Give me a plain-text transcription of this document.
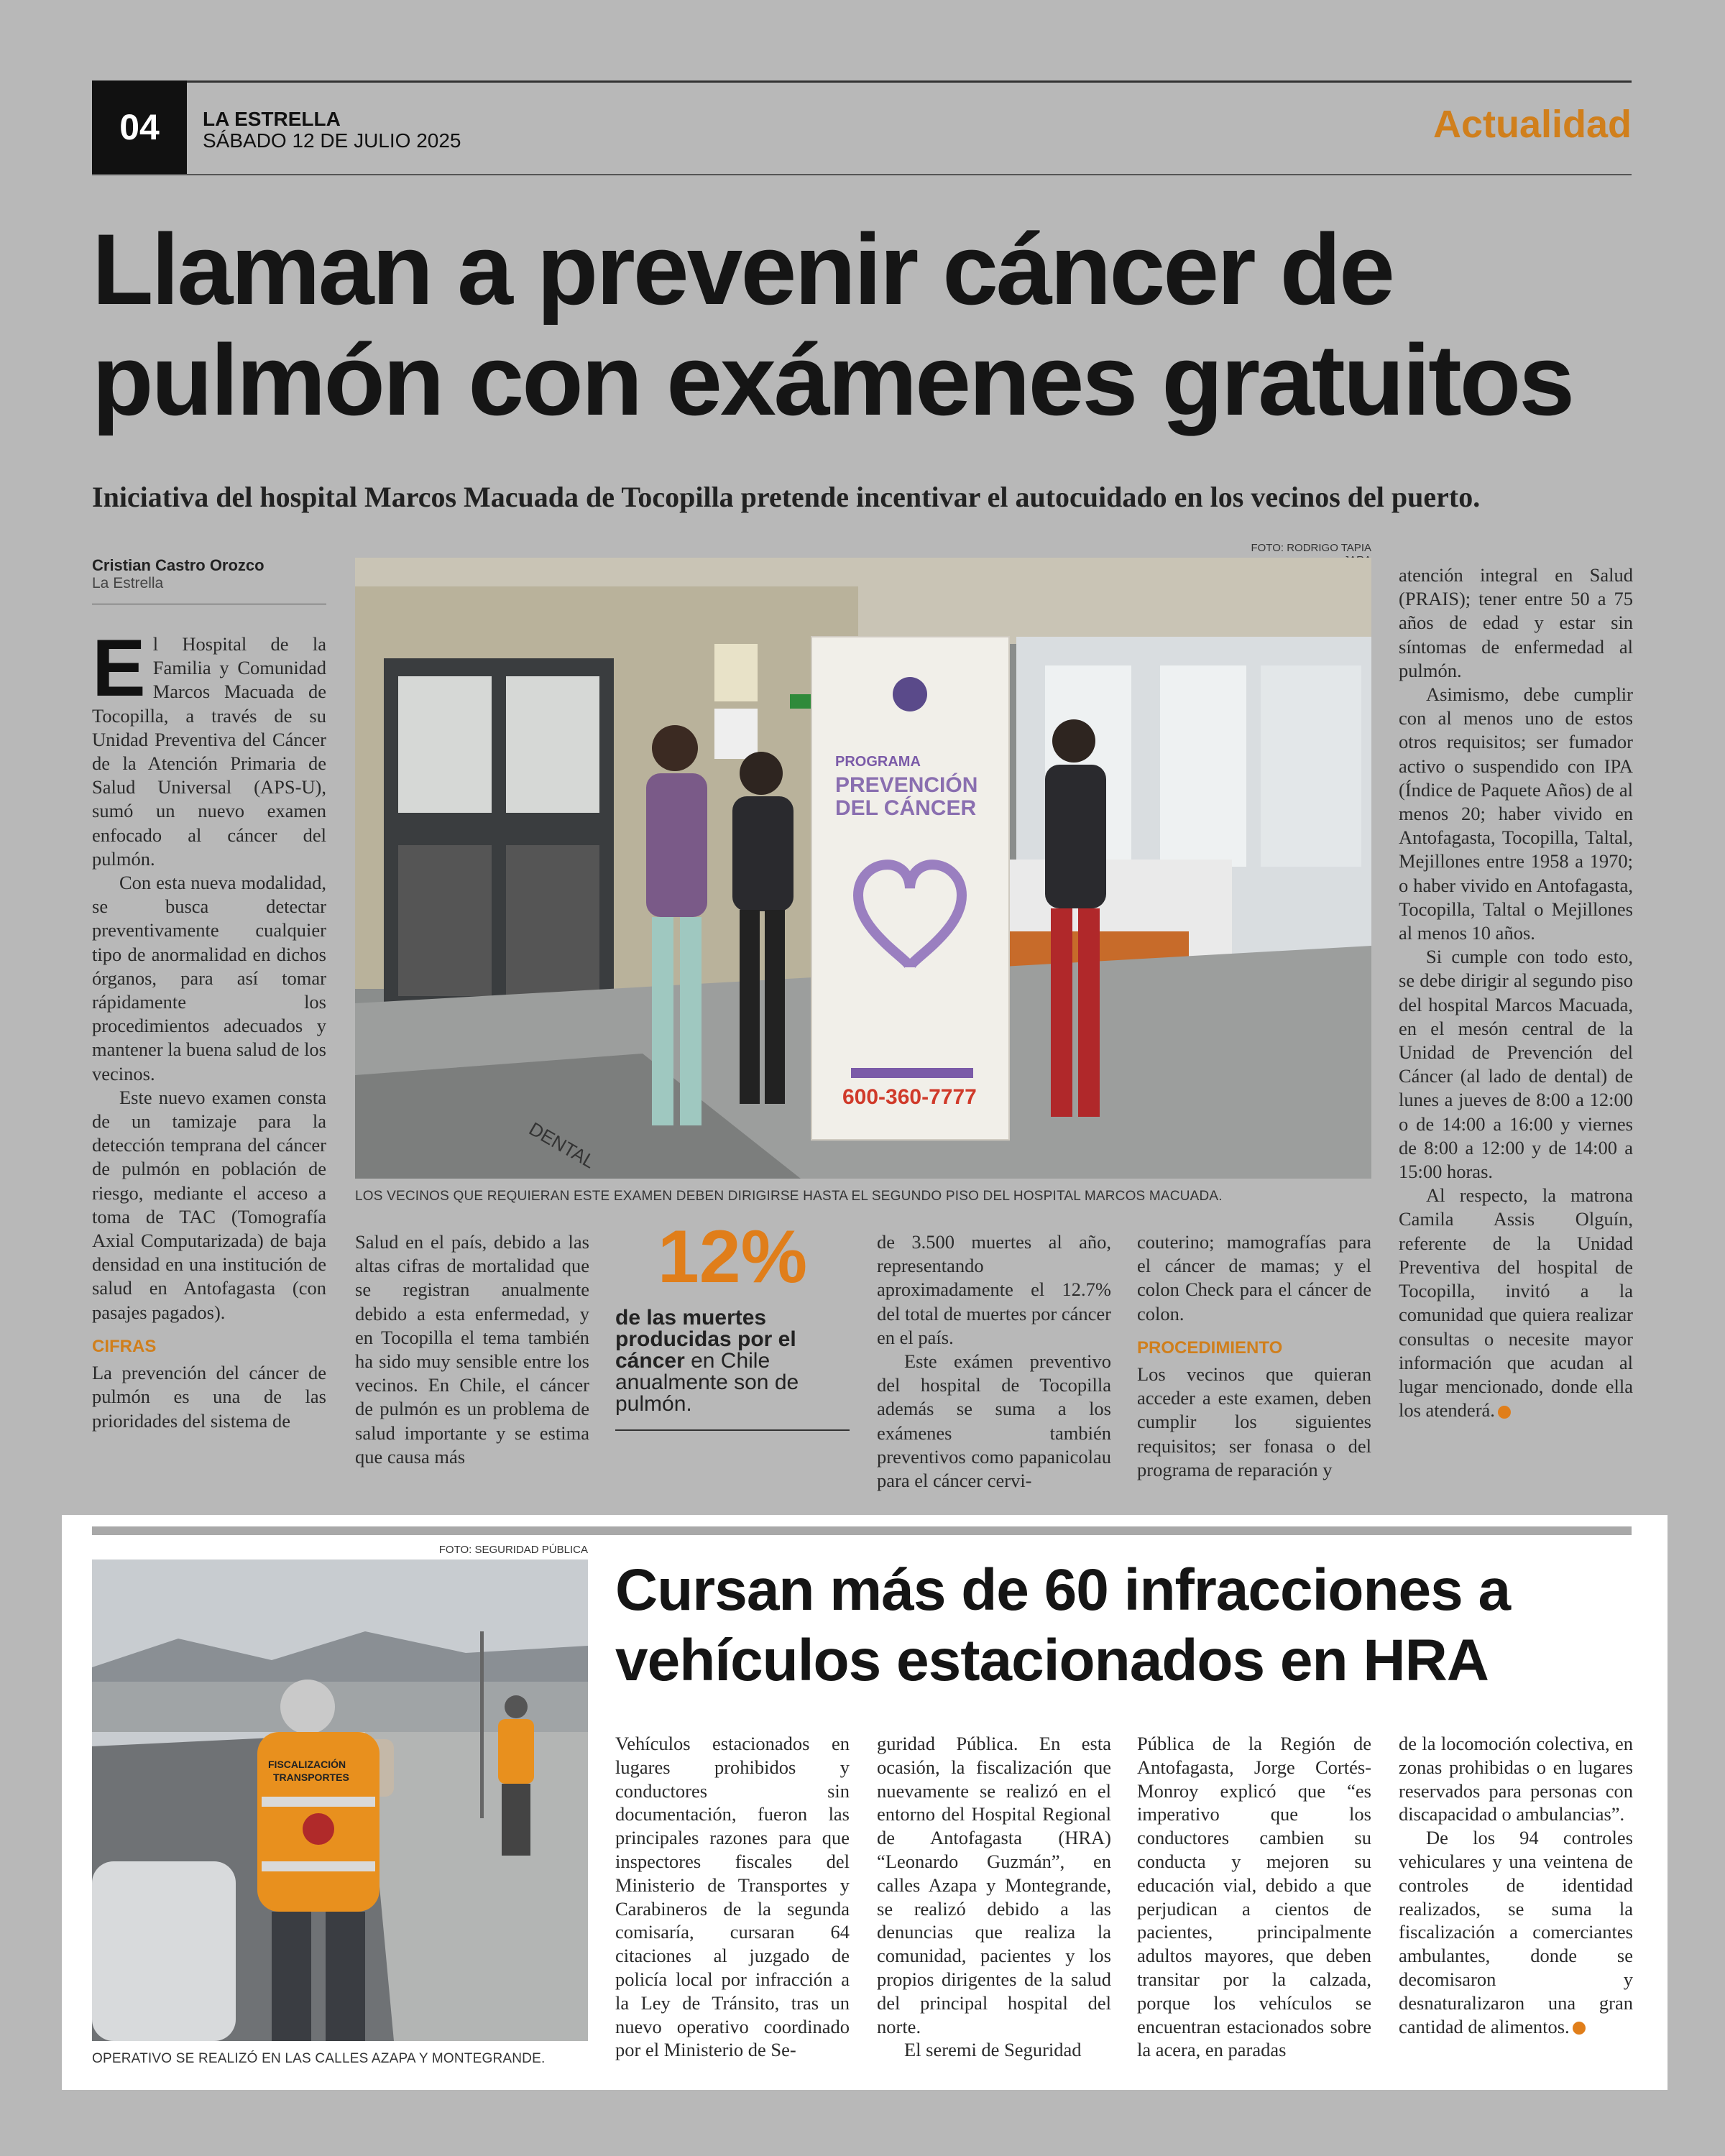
04	LA ESTRELLA
SÁBADO 12 DE JULIO 2025	Actualidad
Llaman a prevenir cáncer de
pulmón con exámenes gratuitos
Iniciativa del hospital Marcos Macuada de Tocopilla pretende incentivar el autocuidado en los vecinos del puerto.
Cristian Castro Orozco
La Estrella

El Hospital de la Familia y Comunidad Marcos Macuada de Tocopilla, a través de su Unidad Preventiva del Cáncer de la Atención Primaria de Salud Universal (APS-U), sumó un nuevo examen enfocado al cáncer del pulmón.

Con esta nueva modalidad, se busca detectar preventivamente cualquier tipo de anormalidad en dichos órganos, para así tomar rápidamente los procedimientos adecuados y mantener la buena salud de los vecinos.

Este nuevo examen consta de un tamizaje para la detección temprana del cáncer de pulmón en población de riesgo, mediante el acceso a toma de TAC (Tomografía Axial Computarizada) de baja densidad en una institución de salud en Antofagasta (con pasajes pagados).

CIFRAS

La prevención del cáncer de pulmón es una de las prioridades del sistema de

FOTO: RODRIGO TAPIA
PROGRAMA
PREVENCIÓN
DEL CÁNCER
600-360-7777
DENTAL
LOS VECINOS QUE REQUIERAN ESTE EXAMEN DEBEN DIRIGIRSE HASTA EL SEGUNDO PISO DEL HOSPITAL MARCOS MACUADA.

Salud en el país, debido a las altas cifras de mortalidad que se registran anualmente debido a esta enfermedad, y en Tocopilla el tema también ha sido muy sensible entre los vecinos. En Chile, el cáncer de pulmón es un problema de salud importante y se estima que causa más

12%
de las muertes producidas por el cáncer en Chile anualmente son de pulmón.

de 3.500 muertes al año, representando aproximadamente el 12.7% del total de muertes por cáncer en el país.

Este exámen preventivo del hospital de Tocopilla además se suma a los exámenes también preventivos como papanicolau para el cáncer cervi-

couterino; mamografías para el cáncer de mamas; y el colon Check para el cáncer de colon.

PROCEDIMIENTO

Los vecinos que quieran acceder a este examen, deben cumplir los siguientes requisitos; ser fonasa o del programa de reparación y

atención integral en Salud (PRAIS); tener entre 50 a 75 años de edad y estar sin síntomas de enfermedad al pulmón.

Asimismo, debe cumplir con al menos uno de estos otros requisitos; ser fumador activo o suspendido con IPA (Índice de Paquete Años) de al menos 20; haber vivido en Antofagasta, Tocopilla, Taltal, Mejillones entre 1958 a 1970; o haber vivido en Antofagasta, Tocopilla, Taltal o Mejillones al menos 10 años.

Si cumple con todo esto, se debe dirigir al segundo piso del hospital Marcos Macuada, en el mesón central de la Unidad de Prevención del Cáncer (al lado de dental) de lunes a jueves de 8:00 a 12:00 o de 14:00 a 16:00 y viernes de 8:00 a 12:00 y de 14:00 a 15:00 horas.

Al respecto, la matrona Camila Assis Olguín, referente de la Unidad Preventiva del hospital de Tocopilla, invitó a la comunidad que quiera realizar consultas o necesite mayor información que acudan al lugar mencionado, donde ella los atenderá.

FOTO: SEGURIDAD PÚBLICA
FISCALIZACIÓN
TRANSPORTES
OPERATIVO SE REALIZÓ EN LAS CALLES AZAPA Y MONTEGRANDE.
Cursan más de 60 infracciones a
vehículos estacionados en HRA

Vehículos estacionados en lugares prohibidos y conductores sin documentación, fueron las principales razones para que inspectores fiscales del Ministerio de Transportes y Carabineros de la segunda comisaría, cursaran 64 citaciones al juzgado de policía local por infracción a la Ley de Tránsito, tras un nuevo operativo coordinado por el Ministerio de Se-

guridad Pública. En esta ocasión, la fiscalización que nuevamente se realizó en el entorno del Hospital Regional de Antofagasta (HRA) “Leonardo Guzmán”, en calles Azapa y Montegrande, se realizó debido a las denuncias que realiza la comunidad, pacientes y los propios dirigentes de la salud del principal hospital del norte.

El seremi de Seguridad

Pública de la Región de Antofagasta, Jorge Cortés-Monroy explicó que “es imperativo que los conductores cambien su conducta y mejoren su educación vial, debido a que perjudican a cientos de pacientes, principalmente adultos mayores, que deben transitar por la calzada, porque los vehículos se encuentran estacionados sobre la acera, en paradas

de la locomoción colectiva, en zonas prohibidas o en lugares reservados para personas con discapacidad o ambulancias”.

De los 94 controles vehiculares y una veintena de controles de identidad realizados, se suma la fiscalización a comerciantes ambulantes, donde se decomisaron y desnaturalizaron una gran cantidad de alimentos.
